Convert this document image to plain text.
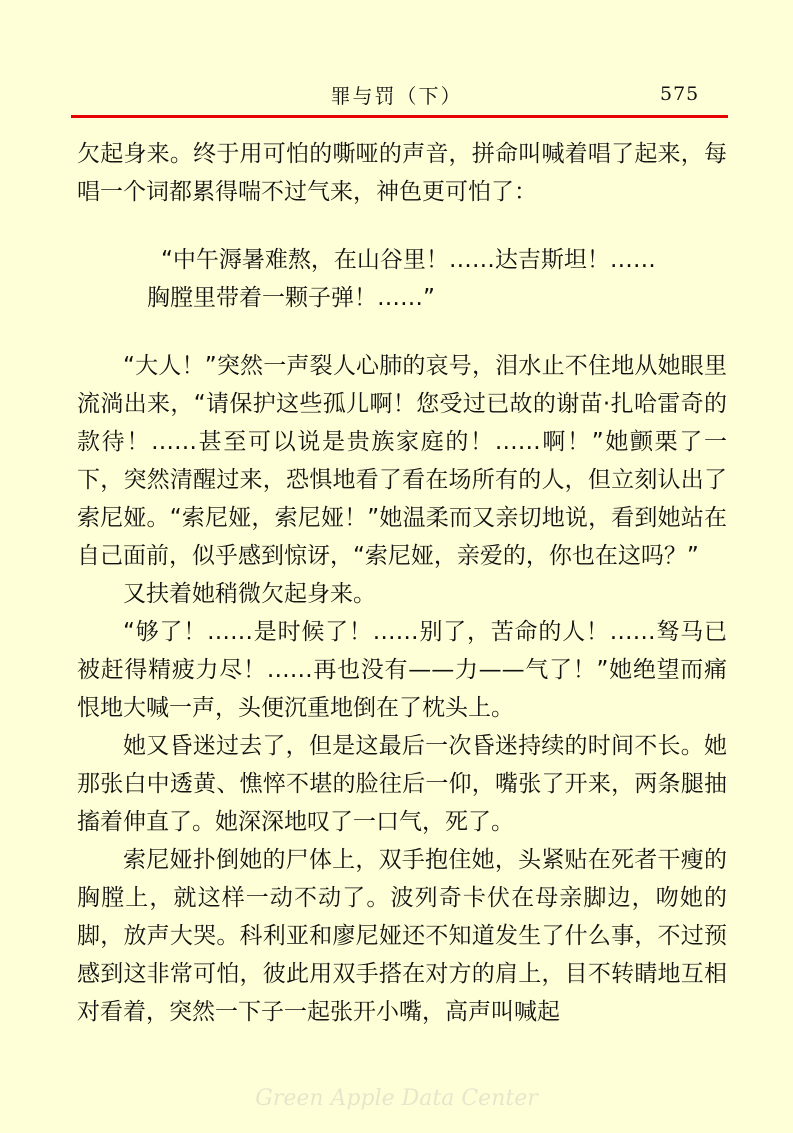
罪与罚（下）	575

欠起身来。终于用可怕的嘶哑的声音，拼命叫喊着唱了起来，每唱一个词都累得喘不过气来，神色更可怕了：

“中午溽暑难熬，在山谷里！……达吉斯坦！……
胸膛里带着一颗子弹！……”

“大人！”突然一声裂人心肺的哀号，泪水止不住地从她眼里流淌出来，“请保护这些孤儿啊！您受过已故的谢苗·扎哈雷奇的款待！……甚至可以说是贵族家庭的！……啊！”她颤栗了一下，突然清醒过来，恐惧地看了看在场所有的人，但立刻认出了索尼娅。“索尼娅，索尼娅！”她温柔而又亲切地说，看到她站在自己面前，似乎感到惊讶，“索尼娅，亲爱的，你也在这吗？”

又扶着她稍微欠起身来。

“够了！……是时候了！……别了，苦命的人！……驽马已被赶得精疲力尽！……再也没有——力——气了！”她绝望而痛恨地大喊一声，头便沉重地倒在了枕头上。

她又昏迷过去了，但是这最后一次昏迷持续的时间不长。她那张白中透黄、憔悴不堪的脸往后一仰，嘴张了开来，两条腿抽搐着伸直了。她深深地叹了一口气，死了。

索尼娅扑倒她的尸体上，双手抱住她，头紧贴在死者干瘦的胸膛上，就这样一动不动了。波列奇卡伏在母亲脚边，吻她的脚，放声大哭。科利亚和廖尼娅还不知道发生了什么事，不过预感到这非常可怕，彼此用双手搭在对方的肩上，目不转睛地互相对看着，突然一下子一起张开小嘴，高声叫喊起

Green Apple Data Center
